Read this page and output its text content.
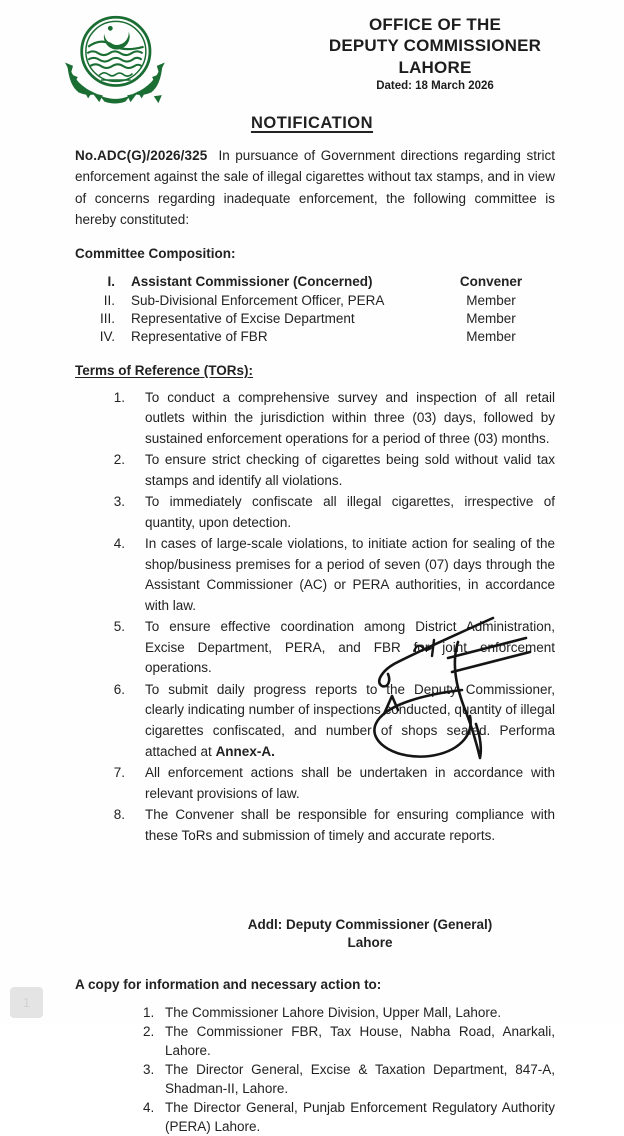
OFFICE OF THE
DEPUTY COMMISSIONER
LAHORE
Dated: 18 March 2026
NOTIFICATION

No.ADC(G)/2026/325 In pursuance of Government directions regarding strict enforcement against the sale of illegal cigarettes without tax stamps, and in view of concerns regarding inadequate enforcement, the following committee is hereby constituted:

Committee Composition:
I.	Assistant Commissioner (Concerned)	Convener
II.	Sub-Divisional Enforcement Officer, PERA	Member
III.	Representative of Excise Department	Member
IV.	Representative of FBR	Member
Terms of Reference (TORs):
1. To conduct a comprehensive survey and inspection of all retail outlets within the jurisdiction within three (03) days, followed by sustained enforcement operations for a period of three (03) months.
2. To ensure strict checking of cigarettes being sold without valid tax stamps and identify all violations.
3. To immediately confiscate all illegal cigarettes, irrespective of quantity, upon detection.
4. In cases of large-scale violations, to initiate action for sealing of the shop/business premises for a period of seven (07) days through the Assistant Commissioner (AC) or PERA authorities, in accordance with law.
5. To ensure effective coordination among District Administration, Excise Department, PERA, and FBR for joint enforcement operations.
6. To submit daily progress reports to the Deputy Commissioner, clearly indicating number of inspections conducted, quantity of illegal cigarettes confiscated, and number of shops sealed. Performa attached at Annex-A.
7. All enforcement actions shall be undertaken in accordance with relevant provisions of law.
8. The Convener shall be responsible for ensuring compliance with these ToRs and submission of timely and accurate reports.
Addl: Deputy Commissioner (General)
Lahore
A copy for information and necessary action to:
1. The Commissioner Lahore Division, Upper Mall, Lahore.
2. The Commissioner FBR, Tax House, Nabha Road, Anarkali, Lahore.
3. The Director General, Excise & Taxation Department, 847-A, Shadman-II, Lahore.
4. The Director General, Punjab Enforcement Regulatory Authority (PERA) Lahore.
1
